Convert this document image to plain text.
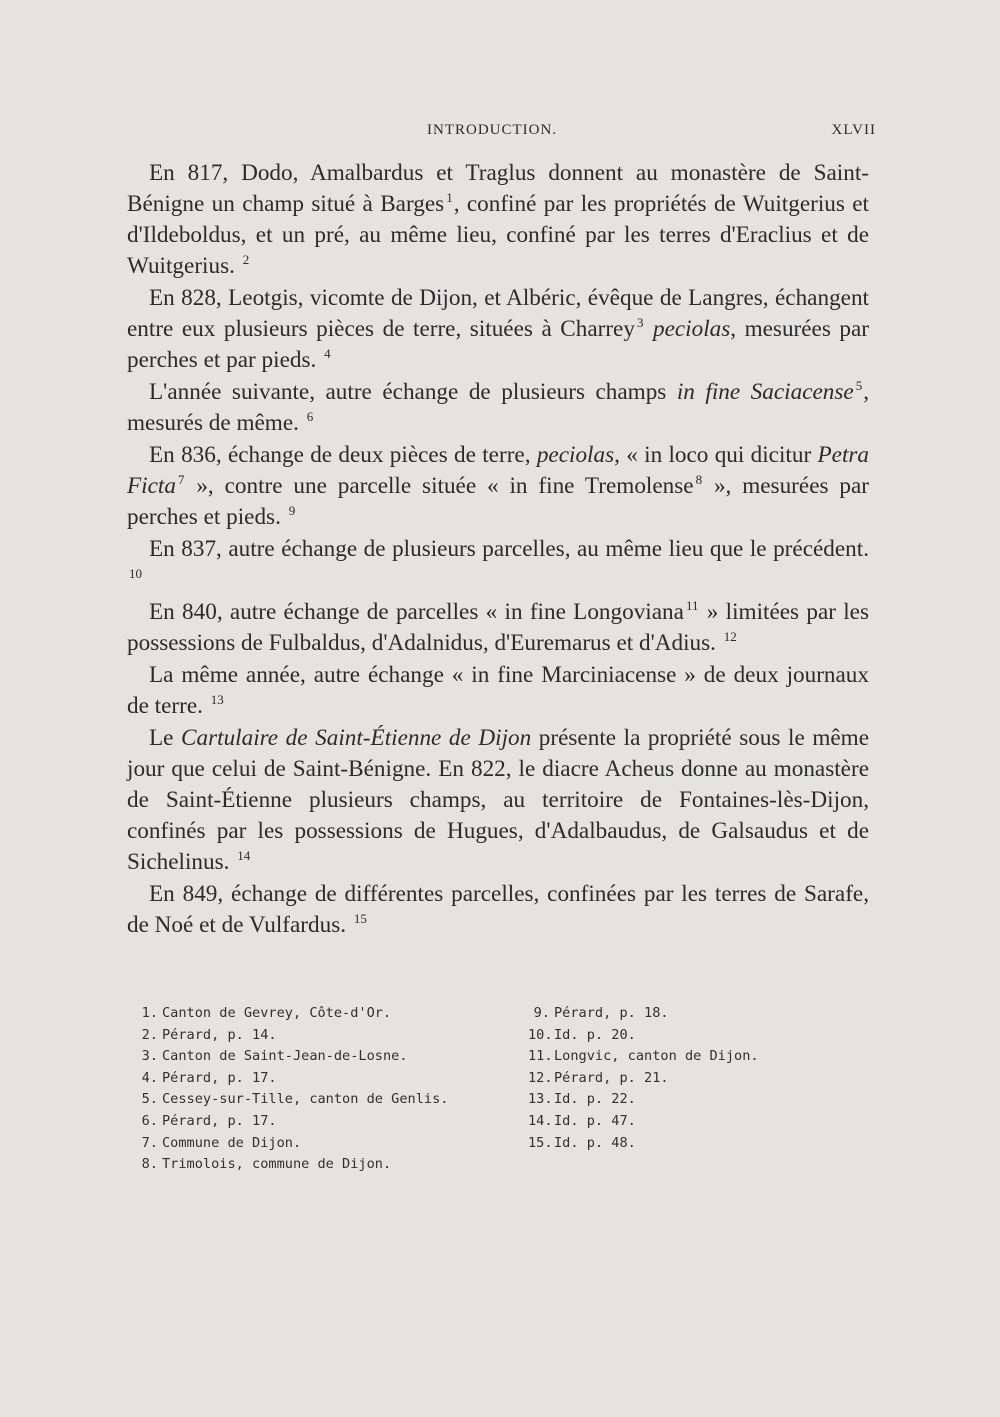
INTRODUCTION.	XLVII

En 817, Dodo, Amalbardus et Traglus donnent au monastère de Saint-Bénigne un champ situé à Barges $^1$, confiné par les propriétés de Wuitgerius et d'Ildeboldus, et un pré, au même lieu, confiné par les terres d'Eraclius et de Wuitgerius. $^2$

En 828, Leotgis, vicomte de Dijon, et Albéric, évêque de Langres, échangent entre eux plusieurs pièces de terre, situées à Charrey $^3$ peciolas, mesurées par perches et par pieds. $^4$

L'année suivante, autre échange de plusieurs champs in fine Saciacense $^5$, mesurés de même. $^6$

En 836, échange de deux pièces de terre, peciolas, « in loco qui dicitur Petra Ficta $^7$ », contre une parcelle située « in fine Tremolense $^8$ », mesurées par perches et pieds. $^9$

En 837, autre échange de plusieurs parcelles, au même lieu que le précédent. $^{10}$

En 840, autre échange de parcelles « in fine Longoviana $^{11}$ » limitées par les possessions de Fulbaldus, d'Adalnidus, d'Euremarus et d'Adius. $^{12}$

La même année, autre échange « in fine Marciniacense » de deux journaux de terre. $^{13}$

Le Cartulaire de Saint-Étienne de Dijon présente la propriété sous le même jour que celui de Saint-Bénigne. En 822, le diacre Acheus donne au monastère de Saint-Étienne plusieurs champs, au territoire de Fontaines-lès-Dijon, confinés par les possessions de Hugues, d'Adalbaudus, de Galsaudus et de Sichelinus. $^{14}$

En 849, échange de différentes parcelles, confinées par les terres de Sarafe, de Noé et de Vulfardus. $^{15}$

1. Canton de Gevrey, Côte-d'Or.
2. Pérard, p. 14.
3. Canton de Saint-Jean-de-Losne.
4. Pérard, p. 17.
5. Cessey-sur-Tille, canton de Genlis.
6. Pérard, p. 17.
7. Commune de Dijon.
8. Trimolois, commune de Dijon.
9. Pérard, p. 18.
10.Id. p. 20.
11.Longvic, canton de Dijon.
12.Pérard, p. 21.
13.Id. p. 22.
14.Id. p. 47.
15.Id. p. 48.
